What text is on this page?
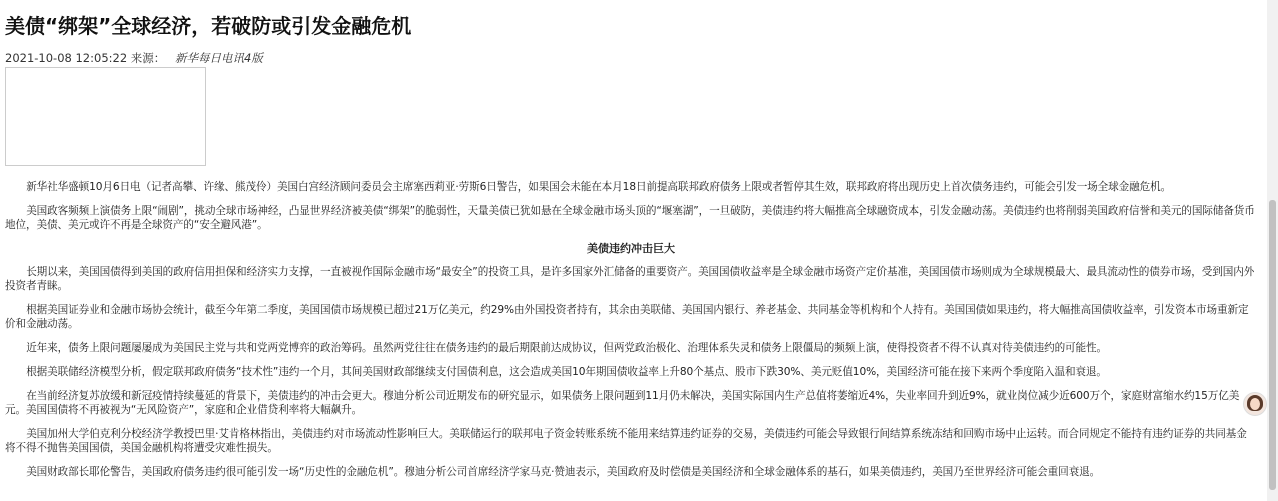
美债“绑架”全球经济，若破防或引发金融危机
2021-10-08 12:05:22 来源： 新华每日电讯4版

新华社华盛顿10月6日电（记者高攀、许缘、熊茂伶）美国白宫经济顾问委员会主席塞西莉亚·劳斯6日警告，如果国会未能在本月18日前提高联邦政府债务上限或者暂停其生效，联邦政府将出现历史上首次债务违约，可能会引发一场全球金融危机。

美国政客频频上演债务上限“闹剧”，挑动全球市场神经，凸显世界经济被美债“绑架”的脆弱性，天量美债已犹如悬在全球金融市场头顶的“堰塞湖”，一旦破防，美债违约将大幅推高全球融资成本，引发金融动荡。美债违约也将削弱美国政府信誉和美元的国际储备货币地位，美债、美元或许不再是全球资产的“安全避风港”。

美债违约冲击巨大

长期以来，美国国债得到美国的政府信用担保和经济实力支撑，一直被视作国际金融市场“最安全”的投资工具，是许多国家外汇储备的重要资产。美国国债收益率是全球金融市场资产定价基准，美国国债市场则成为全球规模最大、最具流动性的债券市场，受到国内外投资者青睐。

根据美国证券业和金融市场协会统计，截至今年第二季度，美国国债市场规模已超过21万亿美元，约29%由外国投资者持有，其余由美联储、美国国内银行、养老基金、共同基金等机构和个人持有。美国国债如果违约，将大幅推高国债收益率，引发资本市场重新定价和金融动荡。

近年来，债务上限问题屡屡成为美国民主党与共和党两党博弈的政治筹码。虽然两党往往在债务违约的最后期限前达成协议，但两党政治极化、治理体系失灵和债务上限僵局的频频上演，使得投资者不得不认真对待美债违约的可能性。

根据美联储经济模型分析，假定联邦政府债务“技术性”违约一个月，其间美国财政部继续支付国债利息，这会造成美国10年期国债收益率上升80个基点、股市下跌30%、美元贬值10%，美国经济可能在接下来两个季度陷入温和衰退。

在当前经济复苏放缓和新冠疫情持续蔓延的背景下，美债违约的冲击会更大。穆迪分析公司近期发布的研究显示，如果债务上限问题到11月仍未解决，美国实际国内生产总值将萎缩近4%，失业率回升到近9%，就业岗位减少近600万个，家庭财富缩水约15万亿美元。美国国债将不再被视为“无风险资产”，家庭和企业借贷利率将大幅飙升。

美国加州大学伯克利分校经济学教授巴里·艾肯格林指出，美债违约对市场流动性影响巨大。美联储运行的联邦电子资金转账系统不能用来结算违约证券的交易，美债违约可能会导致银行间结算系统冻结和回购市场中止运转。而合同规定不能持有违约证券的共同基金将不得不抛售美国国债，美国金融机构将遭受灾难性损失。

美国财政部长耶伦警告，美国政府债务违约很可能引发一场“历史性的金融危机”。穆迪分析公司首席经济学家马克·赞迪表示，美国政府及时偿债是美国经济和全球金融体系的基石，如果美债违约，美国乃至世界经济可能会重回衰退。
